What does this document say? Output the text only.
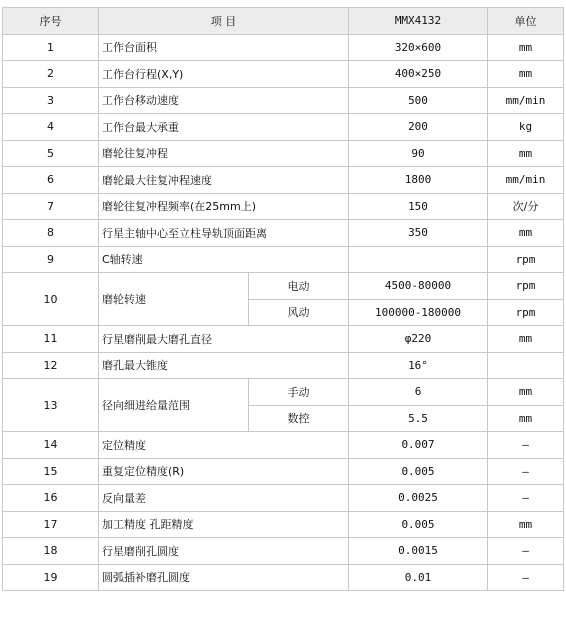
序号	项 目		MMX4132	单位
1	工作台面积		320×600	mm
2	工作台行程(X,Y)		400×250	mm
3	工作台移动速度		500	mm/min
4	工作台最大承重		200	kg
5	磨轮往复冲程		90	mm
6	磨轮最大往复冲程速度		1800	mm/min
7	磨轮往复冲程频率(在25mm上)		150	次/分
8	行星主轴中心至立柱导轨顶面距离		350	mm
9	C轴转速			rpm
10	磨轮转速	电动	4500-80000	rpm
		风动	100000-180000	rpm
11	行星磨削最大磨孔直径		φ220	mm
12	磨孔最大锥度		16°	
13	径向细进给量范围	手动	6	mm
		数控	5.5	mm
14	定位精度		0.007	–
15	重复定位精度(R)		0.005	–
16	反向量差		0.0025	–
17	加工精度 孔距精度		0.005	mm
18	行星磨削孔圆度		0.0015	–
19	圆弧插补磨孔圆度		0.01	–
